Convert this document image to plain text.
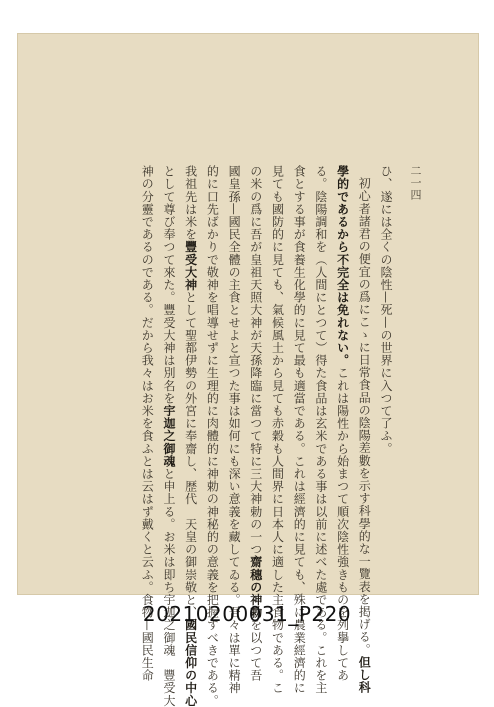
二一四
ひ、遂には全くの陰性—死—の世界に入つて了ふ。
初心者諸君の便宜の爲にこゝに日常食品の陰陽差數を示す科學的な一覽表を掲げる。但し科
學的であるから不完全は免れない。これは陽性から始まつて順次陰性強きものを列擧してあ
る。陰陽調和を（人間にとつて）得た食品は玄米である事は以前に述べた處である。これを主
食とする事が食養生化學的に見て最も適當である。これは經濟的に見ても、殊に農業經濟的に
見ても國防的に見ても、氣候風土から見ても赤穀も人間界に日本人に適した主食物である。こ
の米の爲に吾が皇祖天照大神が天孫降臨に當つて特に三大神勅の一つ齋穗の神勅を以つて吾
國皇孫—國民全體の主食とせよと宣つた事は如何にも深い意義を藏してゐる。吾々は單に精神
的に口先ばかりで敬神を唱導せずに生理的に肉體的に神勅の神秘的の意義を把握すべきである。
我祖先は米を豐受大神として聖都伊勢の外宮に奉齋し、歴代　天皇の御崇敬と、國民信仰の中心
として尊び奉つて來た。豐受大神は別名を宇迦之御魂と申上る。お米は即ち宇迦之御魂　豐受大
神の分靈であるのである。だから我々はお米を食ふとは云はず戴くと云ふ。食物—國民生命
20210200031_P220
